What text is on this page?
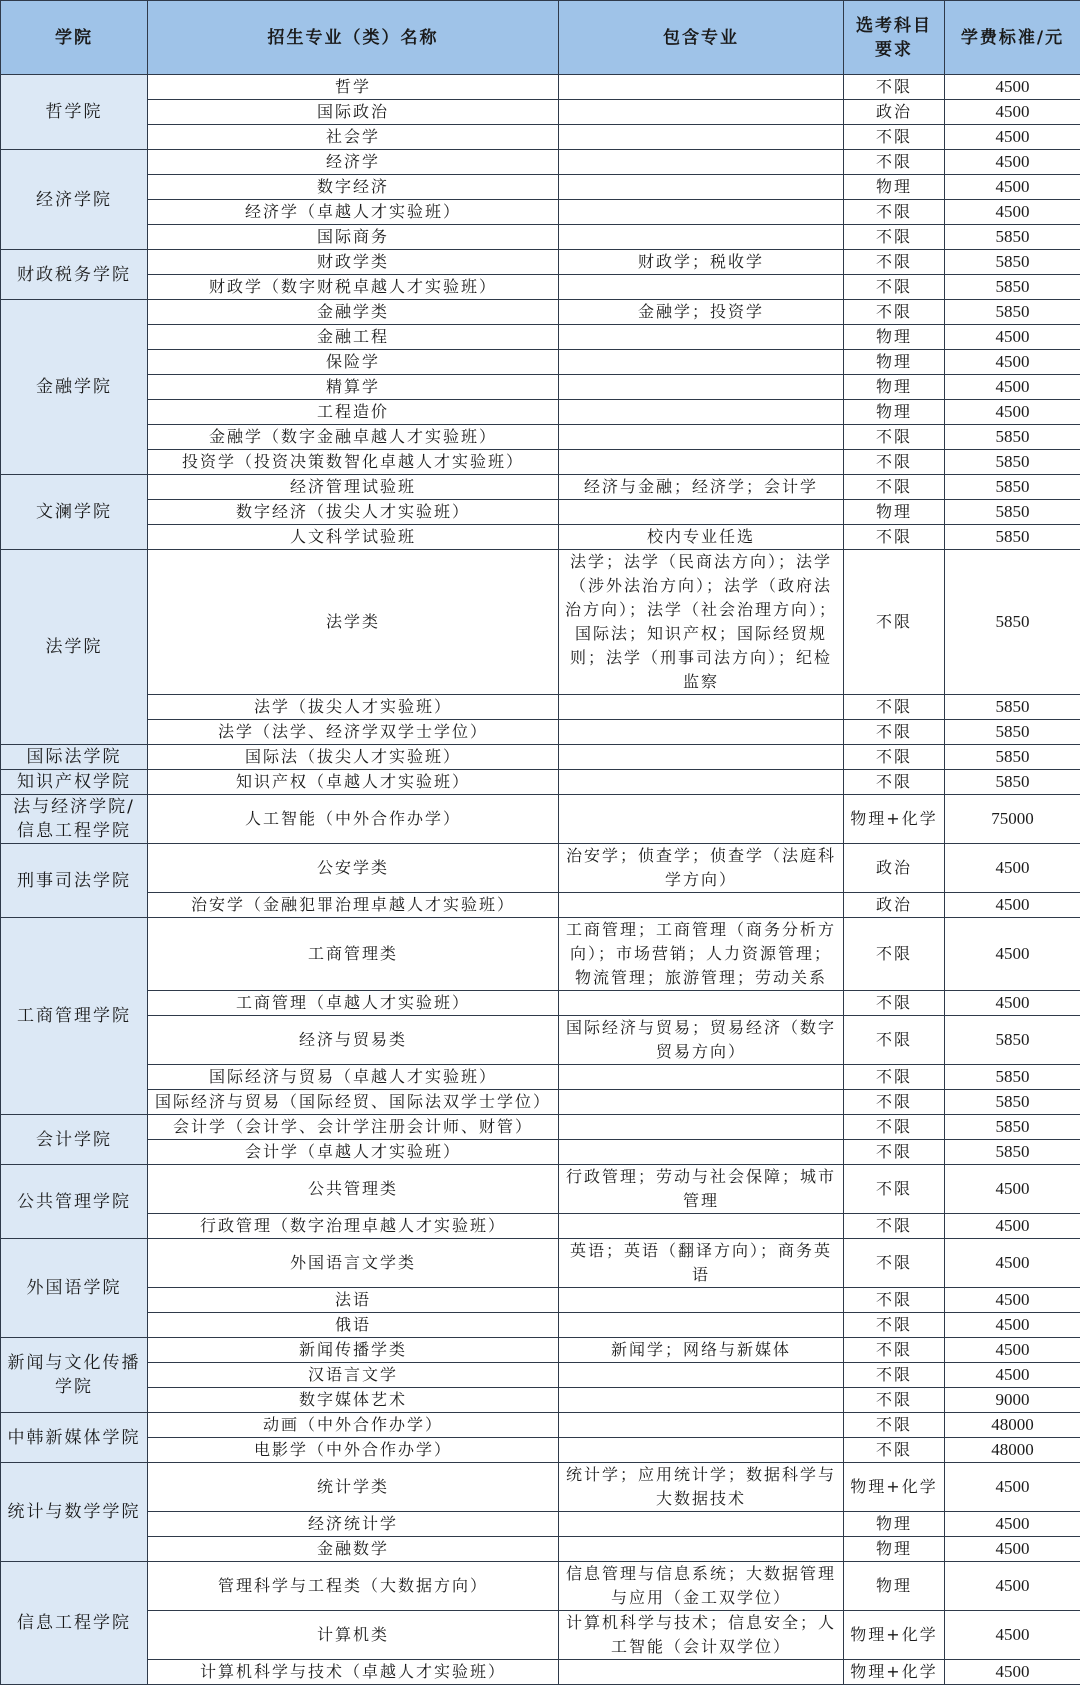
学院	招生专业（类）名称	包含专业	选考科目要求	学费标准/元
哲学院	哲学		不限	4500
	国际政治		政治	4500
	社会学		不限	4500
经济学院	经济学		不限	4500
	数字经济		物理	4500
	经济学（卓越人才实验班）		不限	4500
	国际商务		不限	5850
财政税务学院	财政学类	财政学；税收学	不限	5850
	财政学（数字财税卓越人才实验班）		不限	5850
金融学院	金融学类	金融学；投资学	不限	5850
	金融工程		物理	4500
	保险学		物理	4500
	精算学		物理	4500
	工程造价		物理	4500
	金融学（数字金融卓越人才实验班）		不限	5850
	投资学（投资决策数智化卓越人才实验班）		不限	5850
文澜学院	经济管理试验班	经济与金融；经济学；会计学	不限	5850
	数字经济（拔尖人才实验班）		物理	5850
	人文科学试验班	校内专业任选	不限	5850
法学院	法学类	法学；法学（民商法方向）；法学（涉外法治方向）；法学（政府法治方向）；法学（社会治理方向）；国际法；知识产权；国际经贸规则；法学（刑事司法方向）；纪检监察	不限	5850

	法学（拔尖人才实验班）		不限	5850
	法学（法学、经济学双学士学位）		不限	5850
国际法学院	国际法（拔尖人才实验班）		不限	5850
知识产权学院	知识产权（卓越人才实验班）		不限	5850
法与经济学院/信息工程学院	人工智能（中外合作办学）		物理+化学	75000

刑事司法学院	公安学类	治安学；侦查学；侦查学（法庭科学方向）	政治	4500

	治安学（金融犯罪治理卓越人才实验班）		政治	4500
工商管理学院	工商管理类	工商管理；工商管理（商务分析方向）；市场营销；人力资源管理；物流管理；旅游管理；劳动关系	不限	4500

	工商管理（卓越人才实验班）		不限	4500
	经济与贸易类	国际经济与贸易；贸易经济（数字贸易方向）	不限	5850

	国际经济与贸易（卓越人才实验班）		不限	5850
	国际经济与贸易（国际经贸、国际法双学士学位）		不限	5850
会计学院	会计学（会计学、会计学注册会计师、财管）		不限	5850
	会计学（卓越人才实验班）		不限	5850
公共管理学院	公共管理类	行政管理；劳动与社会保障；城市管理	不限	4500

	行政管理（数字治理卓越人才实验班）		不限	4500
外国语学院	外国语言文学类	英语；英语（翻译方向）；商务英语	不限	4500
	法语		不限	4500
	俄语		不限	4500
新闻与文化传播学院	新闻传播学类	新闻学；网络与新媒体	不限	4500
	汉语言文学		不限	4500
	数字媒体艺术		不限	9000
中韩新媒体学院	动画（中外合作办学）		不限	48000
	电影学（中外合作办学）		不限	48000
统计与数学学院	统计学类	统计学；应用统计学；数据科学与大数据技术	物理+化学	4500

	经济统计学		物理	4500
	金融数学		物理	4500
信息工程学院	管理科学与工程类（大数据方向）	信息管理与信息系统；大数据管理与应用（金工双学位）	物理	4500

	计算机类	计算机科学与技术；信息安全；人工智能（会计双学位）	物理+化学	4500

	计算机科学与技术（卓越人才实验班）		物理+化学	4500
